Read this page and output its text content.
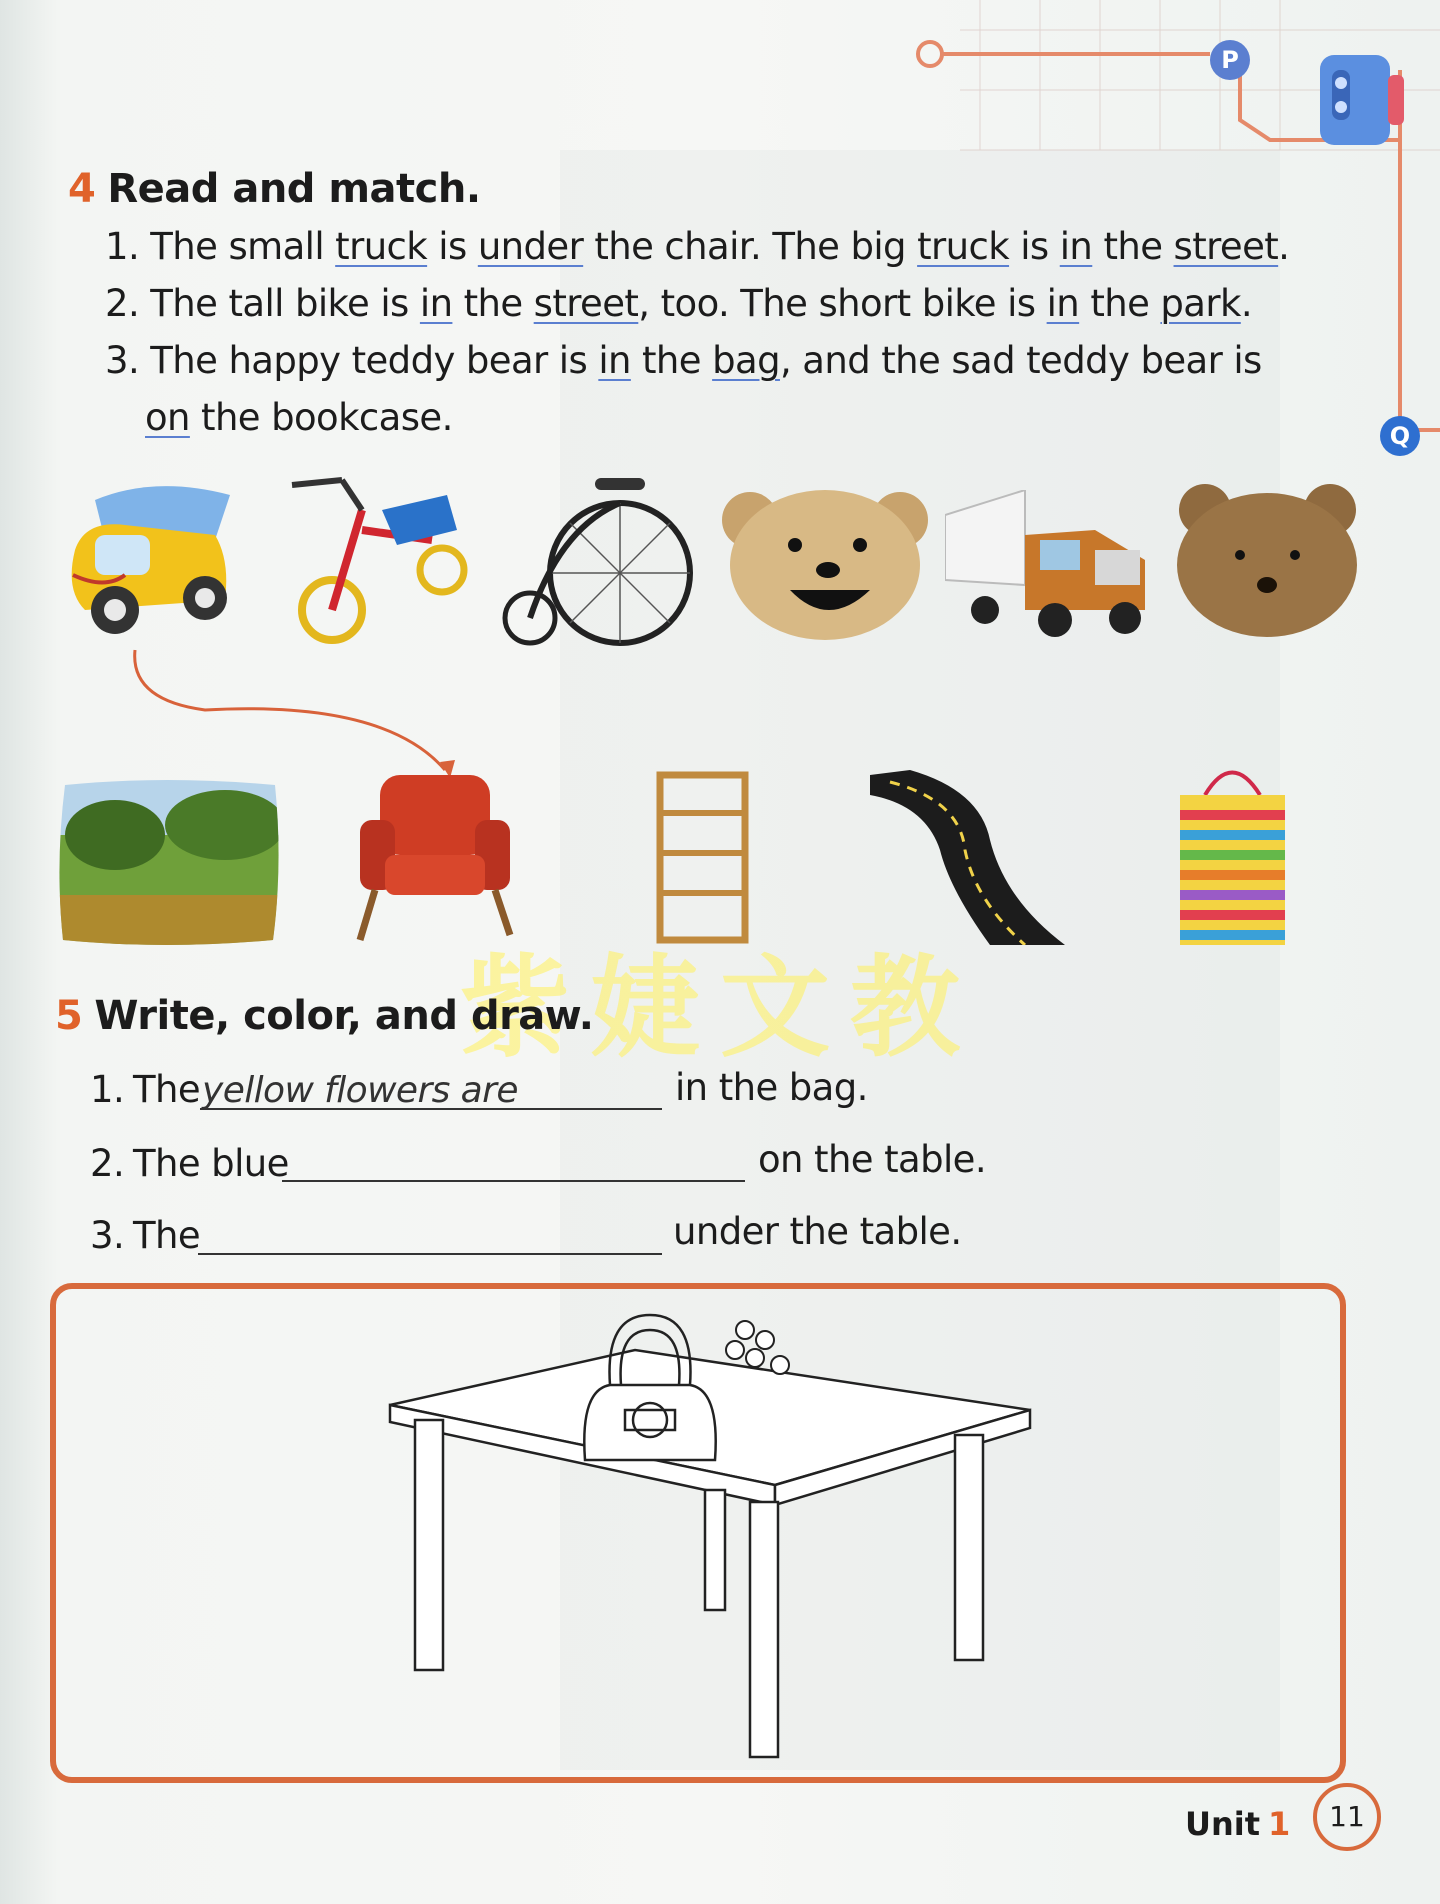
P
Q
4 Read and match.
1. The small truck is under the chair. The big truck is in the street.
2. The tall bike is in the street, too. The short bike is in the park.
3. The happy teddy bear is in the bag, and the sad teddy bear is
on the bookcase.
紫婕文教
5 Write, color, and draw.
1. The yellow flowers are	in the bag.
2. The blue	on the table.
3. The	under the table.
Unit 1	11
